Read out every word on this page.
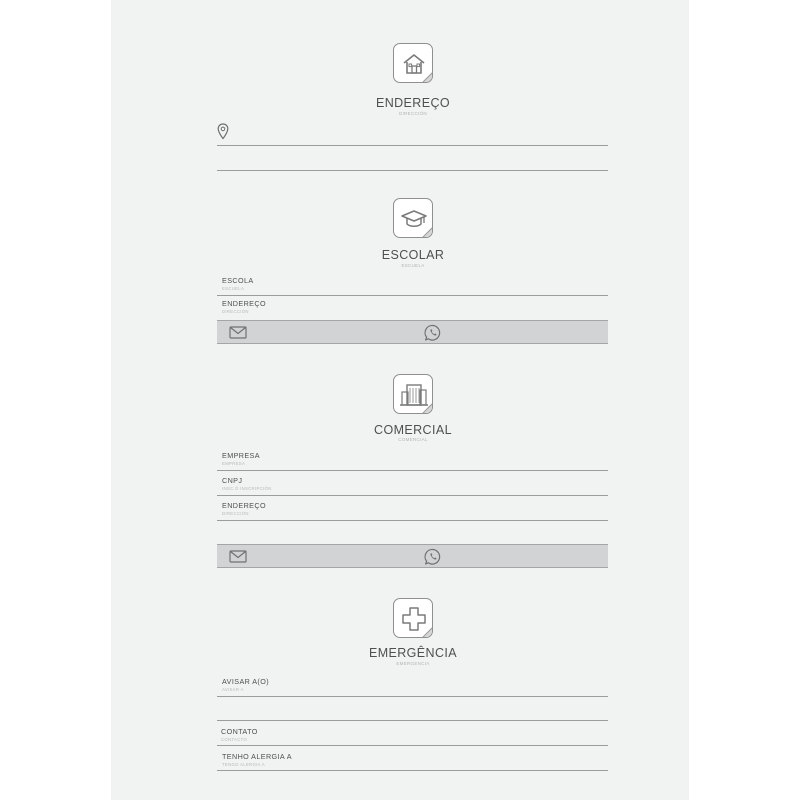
ENDEREÇO
DIRECCIÓN
ESCOLAR
ESCUELA
ESCOLA
ESCUELA
ENDEREÇO
DIRECCIÓN
COMERCIAL
COMERCIAL
EMPRESA
EMPRESA
CNPJ
INSC.Ó INSCRIPCIÓN
ENDEREÇO
DIRECCIÓN
EMERGÊNCIA
EMERGENCIA
AVISAR A(O)
AVISAR A
CONTATO
CONTACTO
TENHO ALERGIA A
TENGO ALERGIA A
